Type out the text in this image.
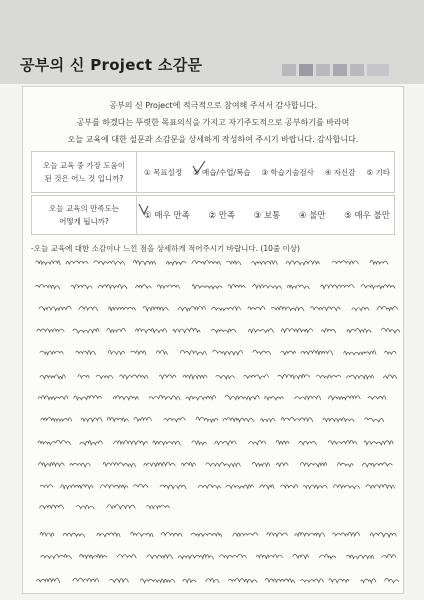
공부의 신 Project 소감문
공부의 신 Project에 적극적으로 참여해 주셔서 감사합니다.
공부를 하겠다는 뚜렷한 목표의식을 가지고 자기주도적으로 공부하기를 바라며
오늘 교육에 대한 설문과 소감문을 상세하게 작성하여 주시기 바랍니다. 감사합니다.
오늘 교육 중 가장 도움이
된 것은 어느 것 입니까?
① 목표설정 ② 예습/수업/복습 ③ 학습기술검사 ④ 자신감 ⑤ 기타
오늘 교육의 만족도는
어떻게 됩니까?
① 매우 만족 ② 만족 ③ 보통 ④ 불만 ⑤ 매우 불만
-오늘 교육에 대한 소감이나 느낀 점을 상세하게 적어주시기 바랍니다. (10줄 이상)
